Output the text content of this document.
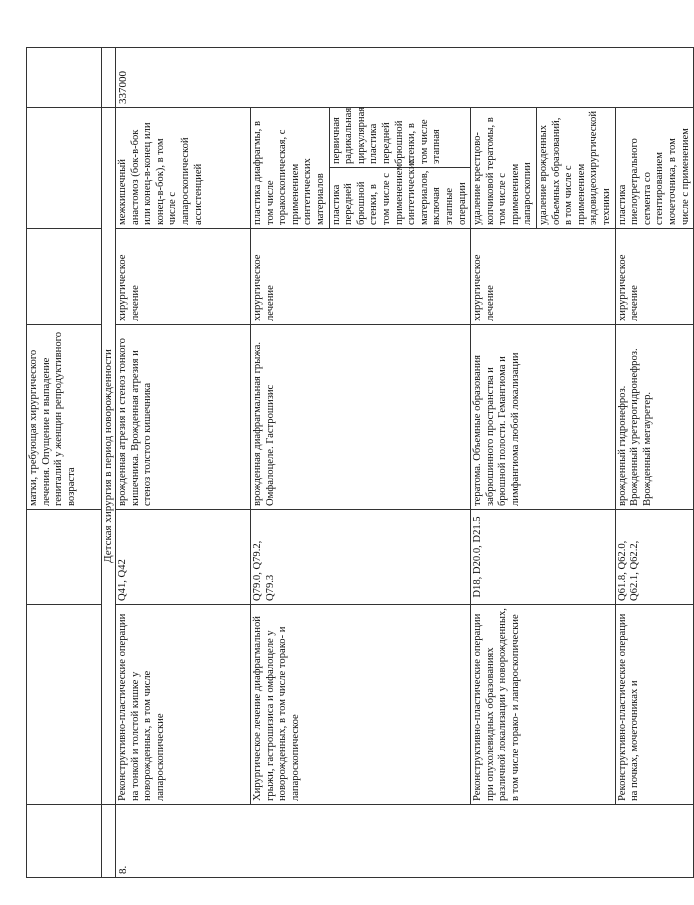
			матки, требующая хирургического лечения. Опущение и выпадение гениталий у женщин репродуктивного возраста				
	Детская хирургия в период новорожденности						
8.	Реконструктивно-пластические операции на тонкой и толстой кишке у новорожденных, в том числе лапароскопические	Q41, Q42	врожденная атрезия и стеноз тонкого кишечника. Врожденная атрезия и стеноз толстого кишечника	хирургическое лечение	межкишечный анастомоз (бок-в-бок или конец-в-конец или конец-в-бок), в том числе с лапароскопической ассистенцией		337000
	Хирургическое лечение диафрагмальной грыжи, гастрошизиса и омфалоцеле у новорожденных, в том числе торако- и лапароскопическое	Q79.0, Q79.2, Q79.3	врожденная диафрагмальная грыжа. Омфалоцеле. Гастрошизис	хирургическое лечение	пластика диафрагмы, в том числе торакоскопическая, с применением синтетических материалов		
					пластика передней брюшной стенки, в том числе с применением синтетических материалов, включая этапные операции	первичная радикальная циркулярная пластика передней брюшной стенки, в том числе этапная	
	Реконструктивно-пластические операции при опухолевидных образованиях различной локализации у новорожденных, в том числе торако- и лапароскопические	D18, D20.0, D21.5	тератома. Объемные образования забрюшинного пространства и брюшной полости. Гемангиома и лимфангиома любой локализации	хирургическое лечение	удаление крестцово-копчиковой тератомы, в том числе с применением лапароскопии		
					удаление врожденных объемных образований, в том числе с применением эндовидеохирургической техники		
	Реконструктивно-пластические операции на почках, мочеточниках и	Q61.8, Q62.0, Q62.1, Q62.2,	врожденный гидронефроз. Врожденный уретерогидронефроз. Врожденный мегауретер.	хирургическое лечение	пластика пиелоуретрального сегмента со стентированием мочеточника, в том числе с применением		
